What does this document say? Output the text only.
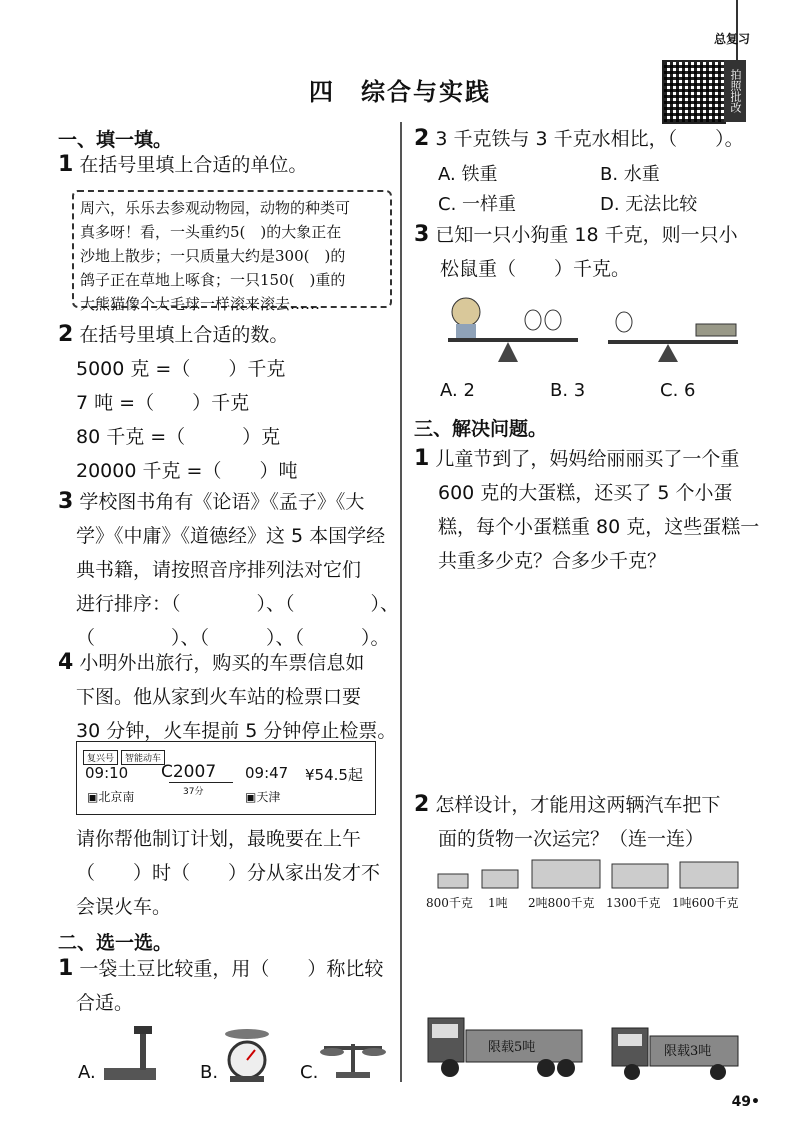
总复习
四　综合与实践	拍照批改
一、填一填。
1 在括号里填上合适的单位。
周六，乐乐去参观动物园，动物的种类可
真多呀！看，一头重约5(　)的大象正在
沙地上散步；一只质量大约是300(　)的
鸽子正在草地上啄食；一只150(　)重的
大熊猫像个大毛球一样滚来滚去……
2 在括号里填上合适的数。
5000 克 =（　　）千克
7 吨 =（　　）千克
80 千克 =（　　　）克
20000 千克 =（　　）吨
3 学校图书角有《论语》《孟子》《大
学》《中庸》《道德经》这 5 本国学经
典书籍，请按照音序排列法对它们
进行排序：（　　　　）、（　　　　）、
（　　　　）、（　　　）、（　　　）。
4 小明外出旅行，购买的车票信息如
下图。他从家到火车站的检票口要
30 分钟，火车提前 5 分钟停止检票。
复兴号 智能动车
09:10 C2007 09:47 ¥54.5起
▣北京南	37分	▣天津
请你帮他制订计划，最晚要在上午
（　　）时（　　）分从家出发才不
会误火车。
二、选一选。
1 一袋土豆比较重，用（　　）称比较
合适。
A.	B.	C.
2 3 千克铁与 3 千克水相比，（　　）。
A. 铁重	B. 水重
C. 一样重	D. 无法比较
3 已知一只小狗重 18 千克，则一只小
松鼠重（　　）千克。
A. 2	B. 3	C. 6
三、解决问题。
1 儿童节到了，妈妈给丽丽买了一个重
600 克的大蛋糕，还买了 5 个小蛋
糕，每个小蛋糕重 80 克，这些蛋糕一
共重多少克？合多少千克？
2 怎样设计，才能用这两辆汽车把下
面的货物一次运完？（连一连）
800千克 1吨 2吨800千克 1300千克 1吨600千克
限载5吨	限载3吨
49•
